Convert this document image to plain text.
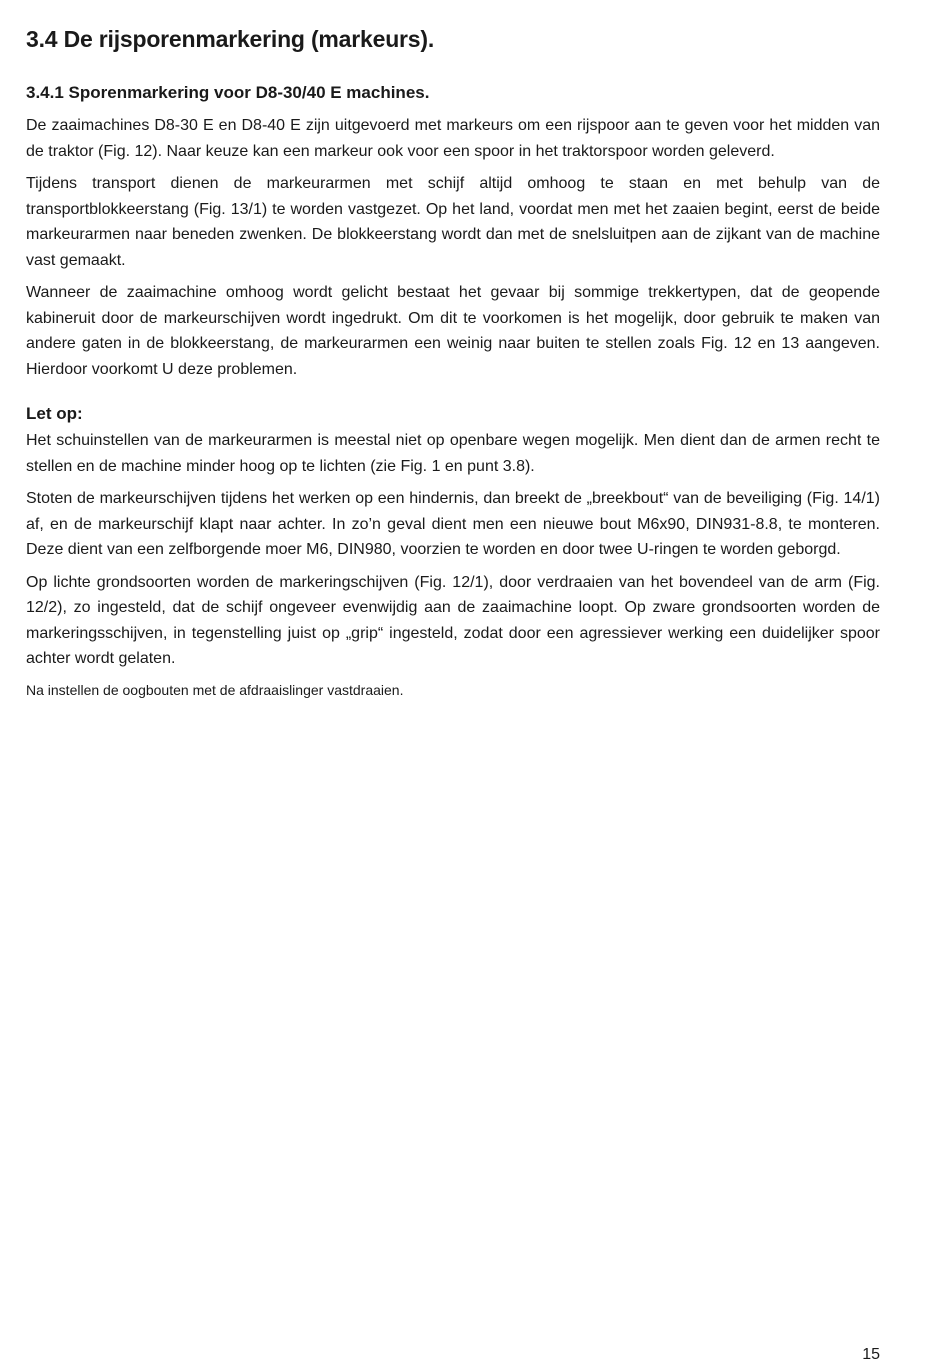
3.4 De rijsporenmarkering (markeurs).
3.4.1 Sporenmarkering voor D8-30/40 E machines.

De zaaimachines D8-30 E en D8-40 E zijn uitgevoerd met markeurs om een rijspoor aan te geven voor het midden van de traktor (Fig. 12). Naar keuze kan een markeur ook voor een spoor in het traktorspoor worden geleverd.

Tijdens transport dienen de markeurarmen met schijf altijd omhoog te staan en met behulp van de transportblokkeerstang (Fig. 13/1) te worden vastgezet. Op het land, voordat men met het zaaien begint, eerst de beide markeurarmen naar beneden zwenken. De blokkeerstang wordt dan met de snelsluitpen aan de zijkant van de machine vast gemaakt.

Wanneer de zaaimachine omhoog wordt gelicht bestaat het gevaar bij sommige trekkertypen, dat de geopende kabineruit door de markeurschijven wordt ingedrukt. Om dit te voorkomen is het mogelijk, door gebruik te maken van andere gaten in de blokkeerstang, de markeurarmen een weinig naar buiten te stellen zoals Fig. 12 en 13 aangeven. Hierdoor voorkomt U deze problemen.

Let op:

Het schuinstellen van de markeurarmen is meestal niet op openbare wegen mogelijk. Men dient dan de armen recht te stellen en de machine minder hoog op te lichten (zie Fig. 1 en punt 3.8).

Stoten de markeurschijven tijdens het werken op een hindernis, dan breekt de „breekbout“ van de beveiliging (Fig. 14/1) af, en de markeurschijf klapt naar achter. In zo’n geval dient men een nieuwe bout M6x90, DIN931-8.8, te monteren. Deze dient van een zelfborgende moer M6, DIN980, voorzien te worden en door twee U-ringen te worden geborgd.

Op lichte grondsoorten worden de markeringschijven (Fig. 12/1), door verdraaien van het bovendeel van de arm (Fig. 12/2), zo ingesteld, dat de schijf ongeveer evenwijdig aan de zaaimachine loopt. Op zware grondsoorten worden de markeringsschijven, in tegenstelling juist op „grip“ ingesteld, zodat door een agressiever werking een duidelijker spoor achter wordt gelaten.

Na instellen de oogbouten met de afdraaislinger vastdraaien.

15
